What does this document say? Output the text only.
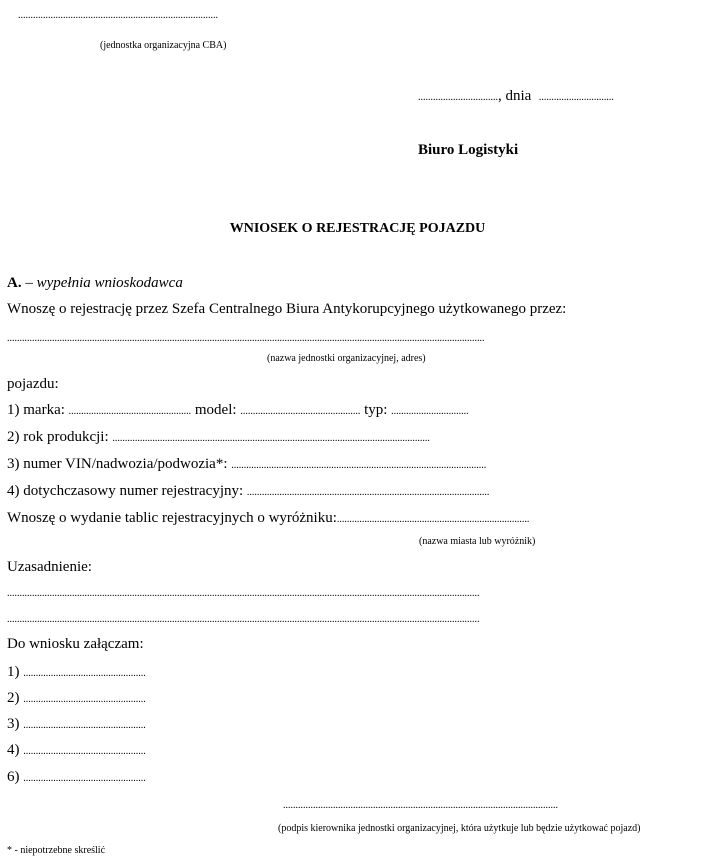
................................................................................
(jednostka organizacyjna CBA)
................................, dnia ..............................
Biuro Logistyki
WNIOSEK O REJESTRACJĘ POJAZDU
A. – wypełnia wnioskodawca
Wnoszę o rejestrację przez Szefa Centralnego Biura Antykorupcyjnego użytkowanego przez:
...............................................................................................................................................................................................
(nazwa jednostki organizacyjnej, adres)
pojazdu:
1) marka: ................................................. model: ................................................ typ: ...............................
2) rok produkcji: ...............................................................................................................................
3) numer VIN/nadwozia/podwozia*: ......................................................................................................
4) dotychczasowy numer rejestracyjny: .................................................................................................
Wnoszę o wydanie tablic rejestracyjnych o wyróżniku:.............................................................................
(nazwa miasta lub wyróżnik)
Uzasadnienie:
.............................................................................................................................................................................................
.............................................................................................................................................................................................
Do wniosku załączam:
1) .................................................
2) .................................................
3) .................................................
4) .................................................
6) .................................................
..............................................................................................................
(podpis kierownika jednostki organizacyjnej, która użytkuje lub będzie użytkować pojazd)
* - niepotrzebne skreślić
